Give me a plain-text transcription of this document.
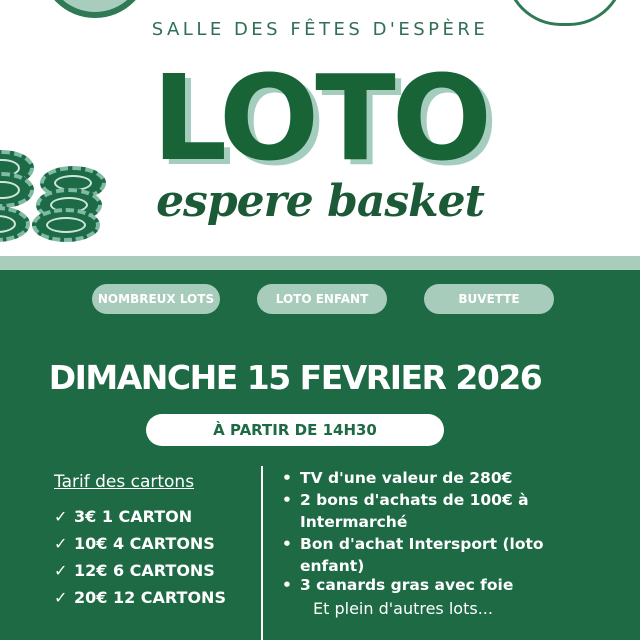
SALLE DES FÊTES D'ESPÈRE
LOTO
espere basket
NOMBREUX LOTS	LOTO ENFANT	BUVETTE
DIMANCHE 15 FEVRIER 2026
À PARTIR DE 14H30
Tarif des cartons
✓ 3€ 1 CARTON
✓ 10€ 4 CARTONS
✓ 12€ 6 CARTONS
✓ 20€ 12 CARTONS
• TV d'une valeur de 280€
• 2 bons d'achats de 100€ à Intermarché
• Bon d'achat Intersport (loto enfant)
• 3 canards gras avec foie
Et plein d'autres lots...
